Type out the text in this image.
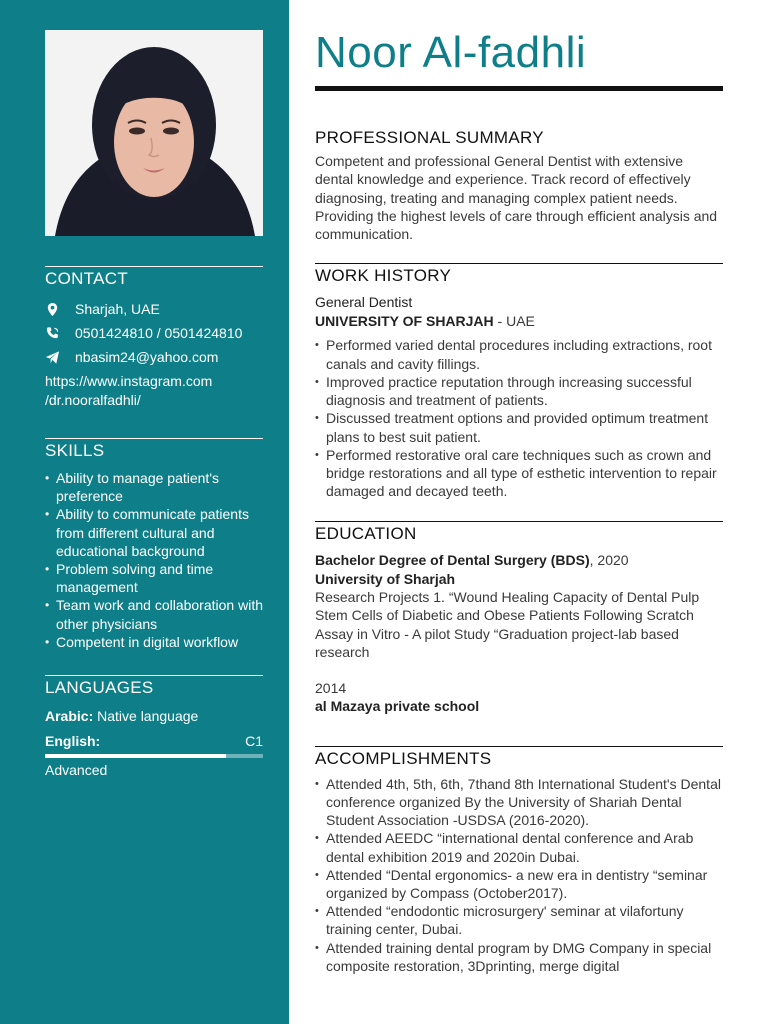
CONTACT
Sharjah, UAE
0501424810 / 0501424810
nbasim24@yahoo.com
https://www.instagram.com
/dr.nooralfadhli/
SKILLS
• Ability to manage patient's preference
• Ability to communicate patients from different cultural and educational background
• Problem solving and time management
• Team work and collaboration with other physicians
• Competent in digital workflow
LANGUAGES
Arabic: Native language
English:	C1
Advanced
Noor Al-fadhli
PROFESSIONAL SUMMARY
Competent and professional General Dentist with extensive dental knowledge and experience. Track record of effectively diagnosing, treating and managing complex patient needs. Providing the highest levels of care through efficient analysis and communication.
WORK HISTORY
General Dentist
UNIVERSITY OF SHARJAH - UAE
• Performed varied dental procedures including extractions, root canals and cavity fillings.
• Improved practice reputation through increasing successful diagnosis and treatment of patients.
• Discussed treatment options and provided optimum treatment plans to best suit patient.
• Performed restorative oral care techniques such as crown and bridge restorations and all type of esthetic intervention to repair damaged and decayed teeth.
EDUCATION
Bachelor Degree of Dental Surgery (BDS), 2020
University of Sharjah
Research Projects 1. “Wound Healing Capacity of Dental Pulp Stem Cells of Diabetic and Obese Patients Following Scratch Assay in Vitro - A pilot Study “Graduation project-lab based research
2014
al Mazaya private school
ACCOMPLISHMENTS
• Attended 4th, 5th, 6th, 7thand 8th International Student's Dental conference organized By the University of Shariah Dental Student Association -USDSA (2016-2020).
• Attended AEEDC “international dental conference and Arab dental exhibition 2019 and 2020in Dubai.
• Attended “Dental ergonomics- a new era in dentistry “seminar organized by Compass (October2017).
• Attended “endodontic microsurgery' seminar at vilafortuny training center, Dubai.
• Attended training dental program by DMG Company in special composite restoration, 3Dprinting, merge digital
